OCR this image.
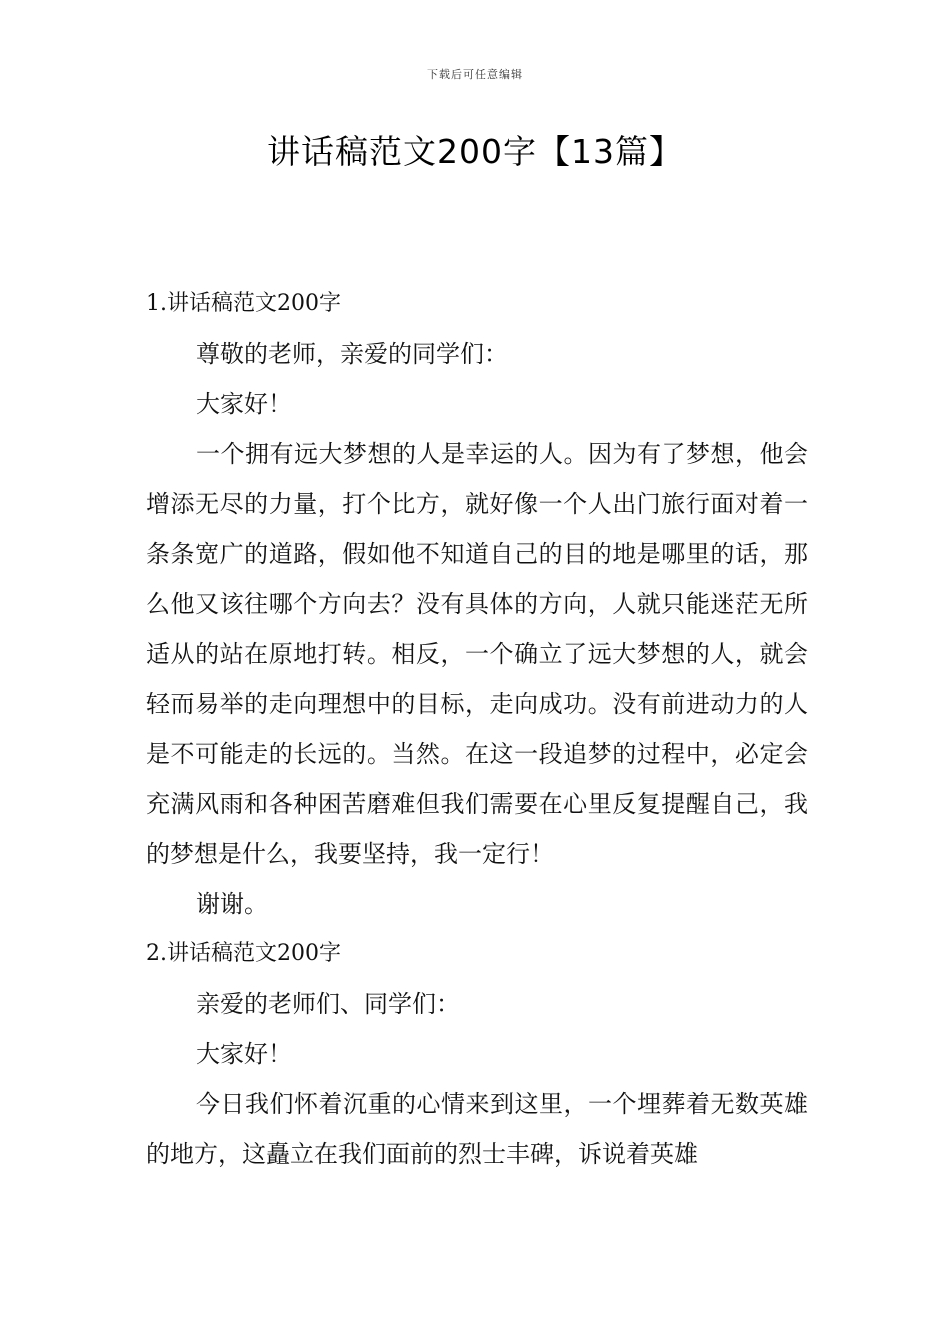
下载后可任意编辑
讲话稿范文200字【13篇】

1.讲话稿范文200字

尊敬的老师，亲爱的同学们：

大家好！

一个拥有远大梦想的人是幸运的人。因为有了梦想，他会增添无尽的力量，打个比方，就好像一个人出门旅行面对着一条条宽广的道路，假如他不知道自己的目的地是哪里的话，那么他又该往哪个方向去？没有具体的方向，人就只能迷茫无所适从的站在原地打转。相反，一个确立了远大梦想的人，就会轻而易举的走向理想中的目标，走向成功。没有前进动力的人是不可能走的长远的。当然。在这一段追梦的过程中，必定会充满风雨和各种困苦磨难但我们需要在心里反复提醒自己，我的梦想是什么，我要坚持，我一定行！

谢谢。

2.讲话稿范文200字

亲爱的老师们、同学们：

大家好！

今日我们怀着沉重的心情来到这里，一个埋葬着无数英雄的地方，这矗立在我们面前的烈士丰碑，诉说着英雄
